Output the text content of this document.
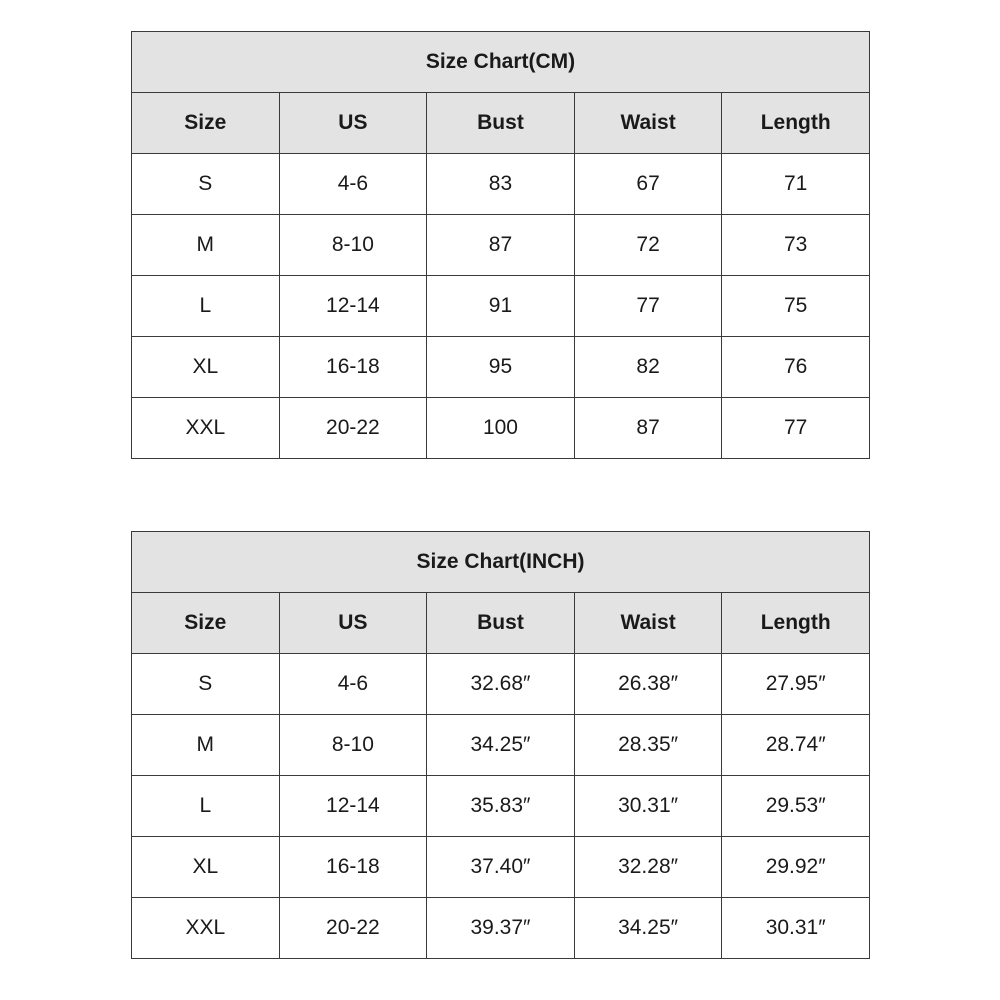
Size Chart(CM)				
Size	US	Bust	Waist	Length
S	4-6	83	67	71
M	8-10	87	72	73
L	12-14	91	77	75
XL	16-18	95	82	76
XXL	20-22	100	87	77
Size Chart(INCH)				
Size	US	Bust	Waist	Length
S	4-6	32.68″	26.38″	27.95″
M	8-10	34.25″	28.35″	28.74″
L	12-14	35.83″	30.31″	29.53″
XL	16-18	37.40″	32.28″	29.92″
XXL	20-22	39.37″	34.25″	30.31″
